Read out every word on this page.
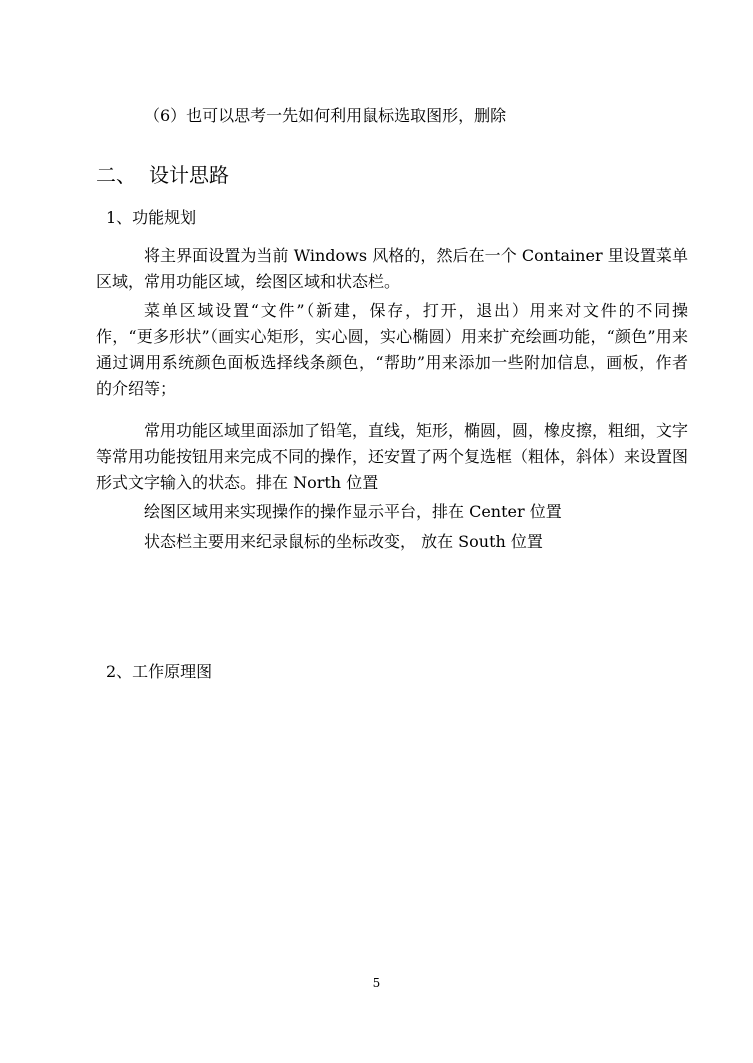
（6）也可以思考一先如何利用鼠标选取图形，删除
二、 设计思路
1、功能规划
将主界面设置为当前 Windows 风格的，然后在一个 Container 里设置菜单区域，常用功能区域，绘图区域和状态栏。
菜单区域设置“文件”（新建，保存，打开，退出）用来对文件的不同操作，“更多形状”（画实心矩形，实心圆，实心椭圆）用来扩充绘画功能，“颜色”用来通过调用系统颜色面板选择线条颜色，“帮助”用来添加一些附加信息，画板，作者的介绍等；
常用功能区域里面添加了铅笔，直线，矩形，椭圆，圆，橡皮擦，粗细，文字等常用功能按钮用来完成不同的操作，还安置了两个复选框（粗体，斜体）来设置图形式文字输入的状态。排在 North 位置
绘图区域用来实现操作的操作显示平台，排在 Center 位置
状态栏主要用来纪录鼠标的坐标改变， 放在 South 位置
2、工作原理图
5
